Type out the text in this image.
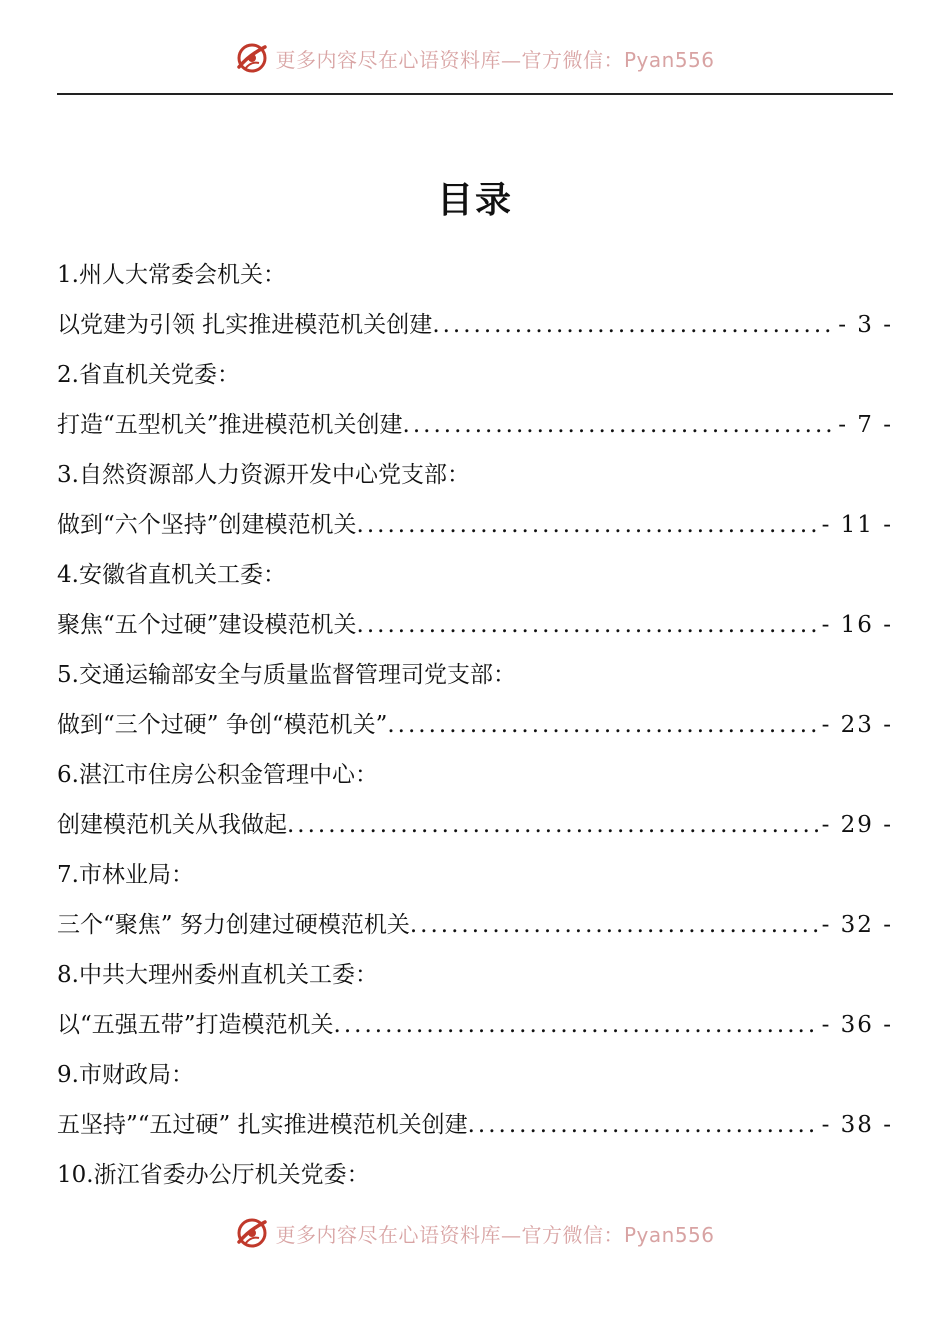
更多内容尽在心语资料库—官方微信：Pyan556
目录
1.州人大常委会机关：
以党建为引领 扎实推进模范机关创建 .....	- 3 -
2.省直机关党委：
打造“五型机关”推进模范机关创建 .....	- 7 -
3.自然资源部人力资源开发中心党支部：
做到“六个坚持”创建模范机关 .....	- 11 -
4.安徽省直机关工委：
聚焦“五个过硬”建设模范机关 .....	- 16 -
5.交通运输部安全与质量监督管理司党支部：
做到“三个过硬” 争创“模范机关” .....	- 23 -
6.湛江市住房公积金管理中心：
创建模范机关从我做起 .....	- 29 -
7.市林业局：
三个“聚焦” 努力创建过硬模范机关 .....	- 32 -
8.中共大理州委州直机关工委：
以“五强五带”打造模范机关 .....	- 36 -
9.市财政局：
五坚持”“五过硬” 扎实推进模范机关创建 .....	- 38 -
10.浙江省委办公厅机关党委：
更多内容尽在心语资料库—官方微信：Pyan556
